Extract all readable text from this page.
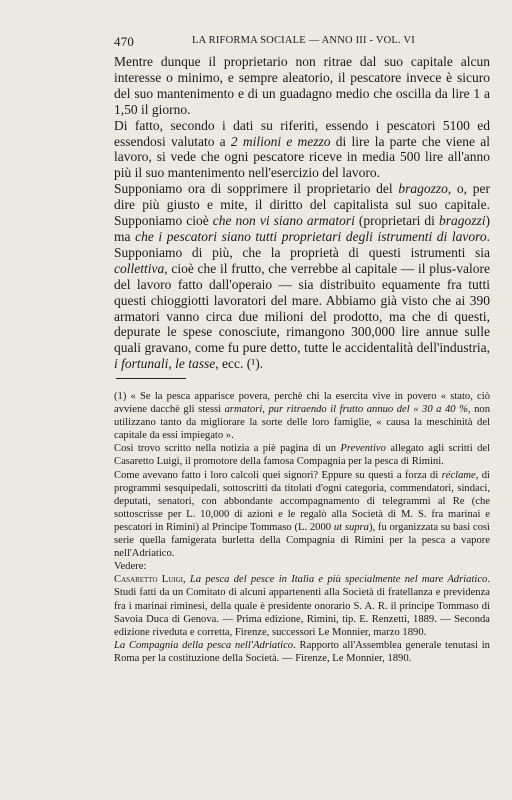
470	LA RIFORMA SOCIALE — ANNO III - VOL. VI

Mentre dunque il proprietario non ritrae dal suo capitale alcun interesse o minimo, e sempre aleatorio, il pescatore invece è sicuro del suo mantenimento e di un guadagno medio che oscilla da lire 1 a 1,50 il giorno.

Di fatto, secondo i dati su riferiti, essendo i pescatori 5100 ed essendosi valutato a 2 milioni e mezzo di lire la parte che viene al lavoro, si vede che ogni pescatore riceve in media 500 lire all'anno più il suo mantenimento nell'esercizio del lavoro.

Supponiamo ora di sopprimere il proprietario del bragozzo, o, per dire più giusto e mite, il diritto del capitalista sul suo capitale. Supponiamo cioè che non vi siano armatori (proprietari di bragozzi) ma che i pescatori siano tutti proprietari degli istrumenti di lavoro. Supponiamo di più, che la proprietà di questi istrumenti sia collettiva, cioè che il frutto, che verrebbe al capitale — il plus-valore del lavoro fatto dall'operaio — sia distribuito equamente fra tutti questi chioggiotti lavoratori del mare. Abbiamo già visto che ai 390 armatori vanno circa due milioni del prodotto, ma che di questi, depurate le spese conosciute, rimangono 300,000 lire annue sulle quali gravano, come fu pure detto, tutte le accidentalità dell'industria, i fortunali, le tasse, ecc. (¹).

(1) « Se la pesca apparisce povera, perchè chi la esercita vive in povero « stato, ciò avviene dacchè gli stessi armatori, pur ritraendo il frutto annuo del « 30 a 40 %, non utilizzano tanto da migliorare la sorte delle loro famiglie, « causa la meschinità del capitale da essi impiegato ».

Così trovo scritto nella notizia a piè pagina di un Preventivo allegato agli scritti del Casaretto Luigi, il promotore della famosa Compagnia per la pesca di Rimini.

Come avevano fatto i loro calcoli quei signori? Eppure su questi a forza di réclame, di programmi sesquipedali, sottoscritti da titolati d'ogni categoria, commendatori, sindaci, deputati, senatori, con abbondante accompagnamento di telegrammi al Re (che sottoscrisse per L. 10,000 di azioni e le regalò alla Società di M. S. fra marinai e pescatori in Rimini) al Principe Tommaso (L. 2000 ut supra), fu organizzata su basi così serie quella famigerata burletta della Compagnia di Rimini per la pesca a vapore nell'Adriatico.

Vedere:

Casaretto Luigi, La pesca del pesce in Italia e più specialmente nel mare Adriatico. Studi fatti da un Comitato di alcuni appartenenti alla Società di fratellanza e previdenza fra i marinai riminesi, della quale è presidente onorario S. A. R. il principe Tommaso di Savoia Duca di Genova. — Prima edizione, Rimini, tip. E. Renzetti, 1889. — Seconda edizione riveduta e corretta, Firenze, successori Le Monnier, marzo 1890.

La Compagnia della pesca nell'Adriatico. Rapporto all'Assemblea generale tenutasi in Roma per la costituzione della Società. — Firenze, Le Monnier, 1890.
